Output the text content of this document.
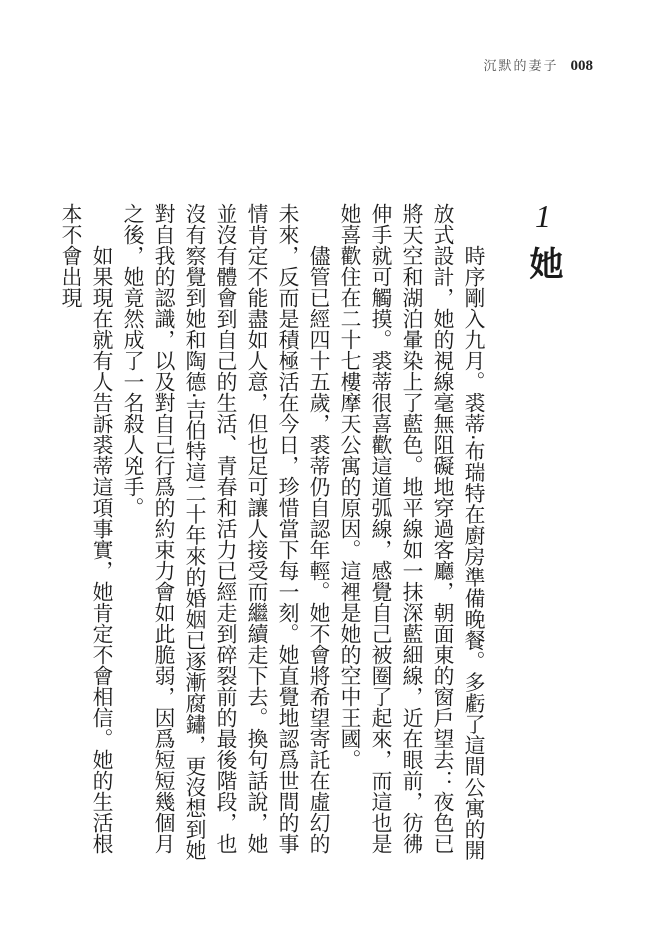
沉默的妻子 008
1
她

時序剛入九月。裘蒂·布瑞特在廚房準備晚餐。多虧了這間公寓的開放式設計，她的視線毫無阻礙地穿過客廳，朝面東的窗戶望去：夜色已將天空和湖泊暈染上了藍色。地平線如一抹深藍細線，近在眼前，彷彿伸手就可觸摸。裘蒂很喜歡這道弧線，感覺自己被圈了起來，而這也是她喜歡住在二十七樓摩天公寓的原因。這裡是她的空中王國。

儘管已經四十五歲，裘蒂仍自認年輕。她不會將希望寄託在虛幻的未來，反而是積極活在今日，珍惜當下每一刻。她直覺地認爲世間的事情肯定不能盡如人意，但也足可讓人接受而繼續走下去。換句話說，她並沒有體會到自己的生活、青春和活力已經走到碎裂前的最後階段，也沒有察覺到她和陶德·吉伯特這二十年來的婚姻已逐漸腐鏽，更沒想到她對自我的認識，以及對自己行爲的約束力會如此脆弱，因爲短短幾個月之後，她竟然成了一名殺人兇手。

如果現在就有人告訴裘蒂這項事實，她肯定不會相信。她的生活根本不會出現
